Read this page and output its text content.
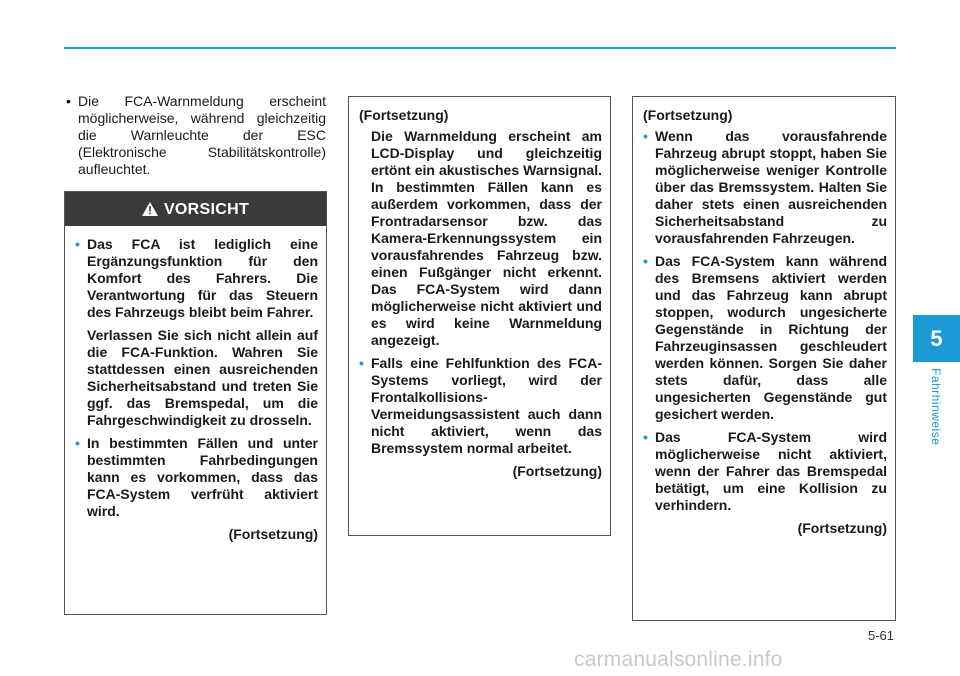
5
Fahrhinweise
• Die FCA-Warnmeldung erscheint möglicherweise, während gleichzeitig die Warnleuchte der ESC (Elektronische Stabilitätskontrolle) aufleuchtet.
VORSICHT
• Das FCA ist lediglich eine Ergänzungsfunktion für den Komfort des Fahrers. Die Verantwortung für das Steuern des Fahrzeugs bleibt beim Fahrer.
Verlassen Sie sich nicht allein auf die FCA-Funktion. Wahren Sie stattdessen einen ausreichenden Sicherheitsabstand und treten Sie ggf. das Bremspedal, um die Fahrgeschwindigkeit zu drosseln.
• In bestimmten Fällen und unter bestimmten Fahrbedingungen kann es vorkommen, dass das FCA-System verfrüht aktiviert wird.
(Fortsetzung)
(Fortsetzung)
Die Warnmeldung erscheint am LCD-Display und gleichzeitig ertönt ein akustisches Warnsignal. In bestimmten Fällen kann es außerdem vorkommen, dass der Frontradarsensor bzw. das Kamera-Erkennungssystem ein vorausfahrendes Fahrzeug bzw. einen Fußgänger nicht erkennt. Das FCA-System wird dann möglicherweise nicht aktiviert und es wird keine Warnmeldung angezeigt.
• Falls eine Fehlfunktion des FCA-Systems vorliegt, wird der Frontalkollisions-Vermeidungsassistent auch dann nicht aktiviert, wenn das Bremssystem normal arbeitet.
(Fortsetzung)
(Fortsetzung)
• Wenn das vorausfahrende Fahrzeug abrupt stoppt, haben Sie möglicherweise weniger Kontrolle über das Bremssystem. Halten Sie daher stets einen ausreichenden Sicherheitsabstand zu vorausfahrenden Fahrzeugen.
• Das FCA-System kann während des Bremsens aktiviert werden und das Fahrzeug kann abrupt stoppen, wodurch ungesicherte Gegenstände in Richtung der Fahrzeuginsassen geschleudert werden können. Sorgen Sie daher stets dafür, dass alle ungesicherten Gegenstände gut gesichert werden.
• Das FCA-System wird möglicherweise nicht aktiviert, wenn der Fahrer das Bremspedal betätigt, um eine Kollision zu verhindern.
(Fortsetzung)
5-61
carmanualsonline.info
